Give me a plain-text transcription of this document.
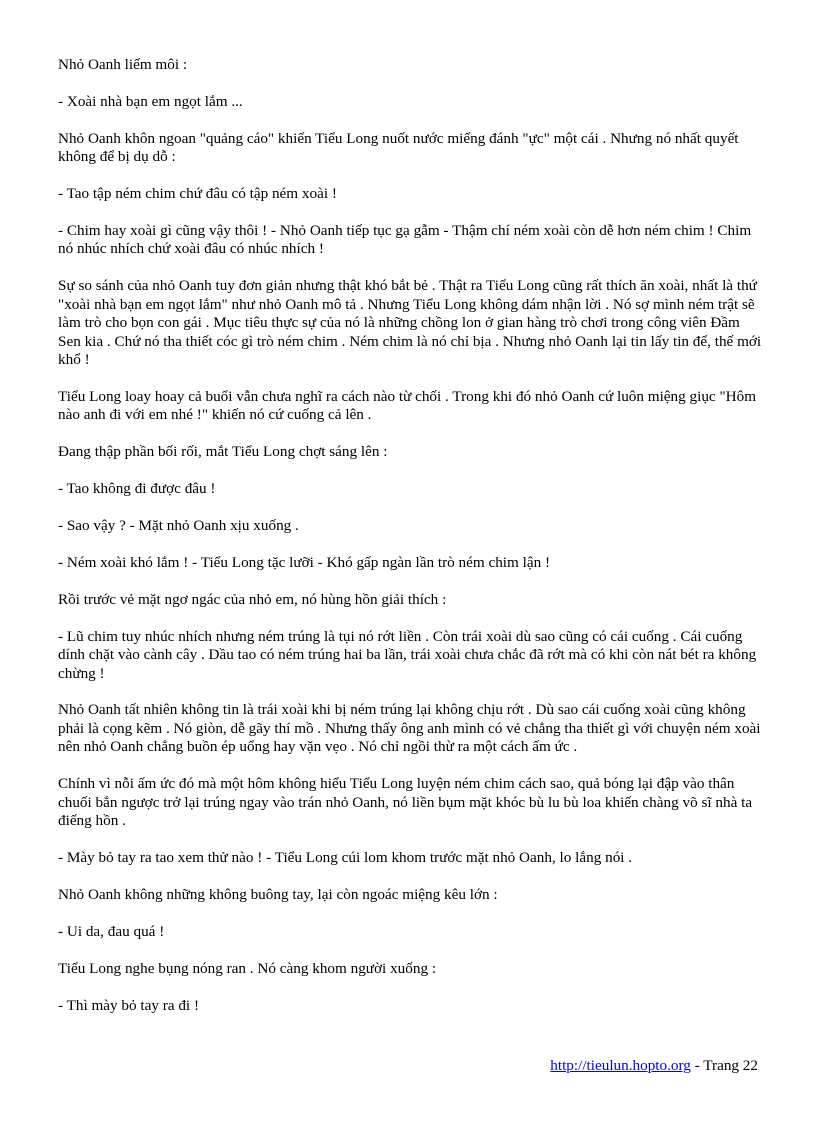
Nhỏ Oanh liếm môi :

- Xoài nhà bạn em ngọt lắm ...

Nhỏ Oanh khôn ngoan "quảng cáo" khiến Tiểu Long nuốt nước miếng đánh "ực" một cái . Nhưng nó nhất quyết không để bị dụ dỗ :

- Tao tập ném chim chứ đâu có tập ném xoài !

- Chim hay xoài gì cũng vậy thôi ! - Nhỏ Oanh tiếp tục gạ gẫm - Thậm chí ném xoài còn dễ hơn ném chim ! Chim nó nhúc nhích chứ xoài đâu có nhúc nhích !

Sự so sánh của nhỏ Oanh tuy đơn giản nhưng thật khó bắt bẻ . Thật ra Tiểu Long cũng rất thích ăn xoài, nhất là thứ "xoài nhà bạn em ngọt lắm" như nhỏ Oanh mô tả . Nhưng Tiểu Long không dám nhận lời . Nó sợ mình ném trật sẽ làm trò cho bọn con gái . Mục tiêu thực sự của nó là những chồng lon ở gian hàng trò chơi trong công viên Đầm Sen kia . Chứ nó tha thiết cóc gì trò ném chim . Ném chim là nó chỉ bịa . Nhưng nhỏ Oanh lại tin lấy tin để, thế mới khổ !

Tiểu Long loay hoay cả buổi vẫn chưa nghĩ ra cách nào từ chối . Trong khi đó nhỏ Oanh cứ luôn miệng giục "Hôm nào anh đi với em nhé !" khiến nó cứ cuống cả lên .

Đang thập phần bối rối, mắt Tiểu Long chợt sáng lên :

- Tao không đi được đâu !

- Sao vậy ? - Mặt nhỏ Oanh xịu xuống .

- Ném xoài khó lắm ! - Tiểu Long tặc lưỡi - Khó gấp ngàn lần trò ném chim lận !

Rồi trước vẻ mặt ngơ ngác của nhỏ em, nó hùng hồn giải thích :

- Lũ chim tuy nhúc nhích nhưng ném trúng là tụi nó rớt liền . Còn trái xoài dù sao cũng có cái cuống . Cái cuống dính chặt vào cành cây . Dầu tao có ném trúng hai ba lần, trái xoài chưa chắc đã rớt mà có khi còn nát bét ra không chừng !

Nhỏ Oanh tất nhiên không tin là trái xoài khi bị ném trúng lại không chịu rớt . Dù sao cái cuống xoài cũng không phải là cọng kẽm . Nó giòn, dễ gãy thí mồ . Nhưng thấy ông anh mình có vẻ chẳng tha thiết gì với chuyện ném xoài nên nhỏ Oanh chẳng buồn ép uổng hay vặn vẹo . Nó chỉ ngồi thừ ra một cách ấm ức .

Chính vì nỗi ấm ức đó mà một hôm không hiểu Tiểu Long luyện ném chim cách sao, quả bóng lại đập vào thân chuối bắn ngược trở lại trúng ngay vào trán nhỏ Oanh, nó liền bụm mặt khóc bù lu bù loa khiến chàng võ sĩ nhà ta điếng hồn .

- Mày bỏ tay ra tao xem thử nào ! - Tiểu Long cúi lom khom trước mặt nhỏ Oanh, lo lắng nói .

Nhỏ Oanh không những không buông tay, lại còn ngoác miệng kêu lớn :

- Ui da, đau quá !

Tiểu Long nghe bụng nóng ran . Nó càng khom người xuống :

- Thì mày bỏ tay ra đi !

http://tieulun.hopto.org - Trang 22
